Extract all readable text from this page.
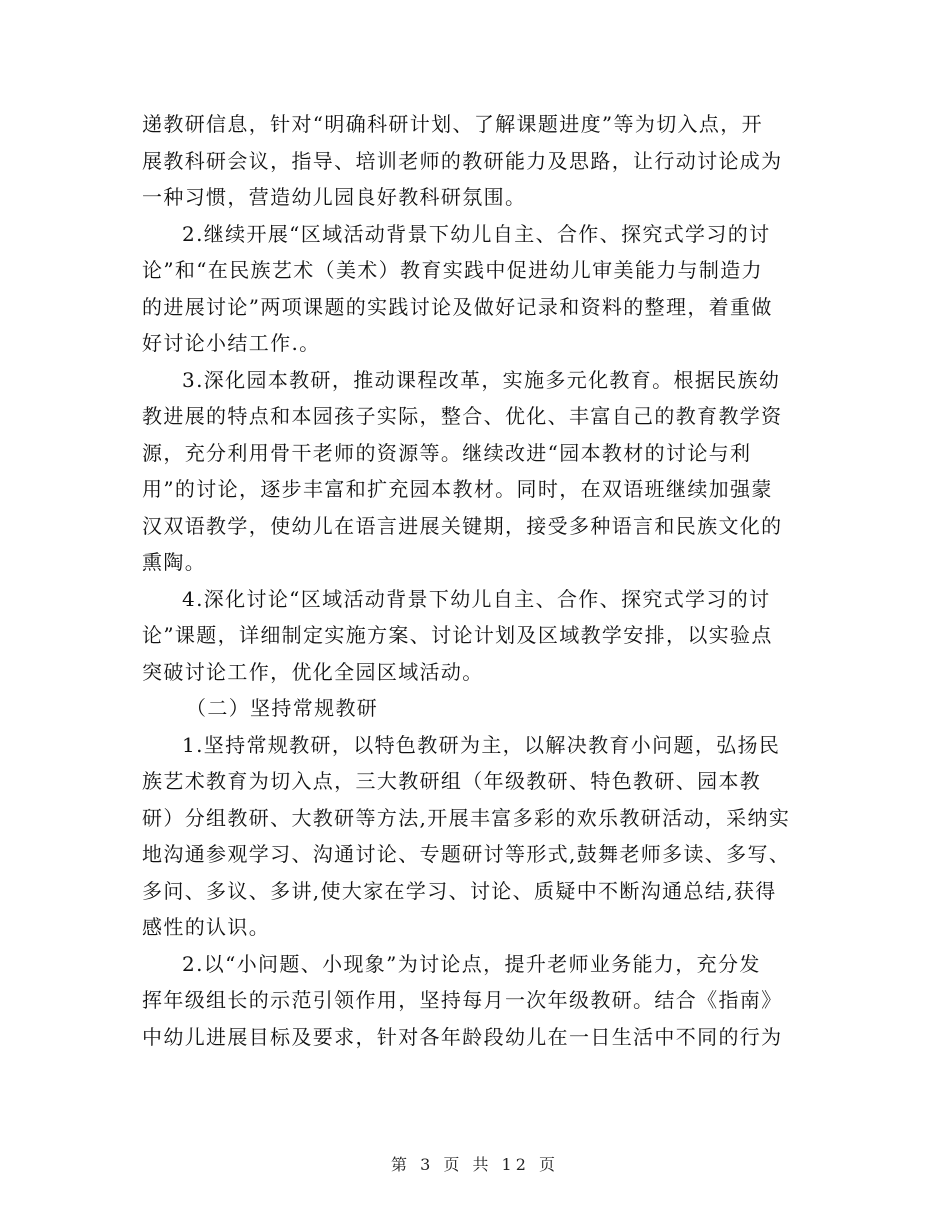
递教研信息，针对“明确科研计划、了解课题进度”等为切入点，开
展教科研会议，指导、培训老师的教研能力及思路，让行动讨论成为
一种习惯，营造幼儿园良好教科研氛围。
2.继续开展“区域活动背景下幼儿自主、合作、探究式学习的讨
论”和“在民族艺术（美术）教育实践中促进幼儿审美能力与制造力
的进展讨论”两项课题的实践讨论及做好记录和资料的整理，着重做
好讨论小结工作.。
3.深化园本教研，推动课程改革，实施多元化教育。根据民族幼
教进展的特点和本园孩子实际，整合、优化、丰富自己的教育教学资
源，充分利用骨干老师的资源等。继续改进“园本教材的讨论与利
用”的讨论，逐步丰富和扩充园本教材。同时，在双语班继续加强蒙
汉双语教学，使幼儿在语言进展关键期，接受多种语言和民族文化的
熏陶。
4.深化讨论“区域活动背景下幼儿自主、合作、探究式学习的讨
论”课题，详细制定实施方案、讨论计划及区域教学安排，以实验点
突破讨论工作，优化全园区域活动。
（二）坚持常规教研
1.坚持常规教研，以特色教研为主，以解决教育小问题，弘扬民
族艺术教育为切入点，三大教研组（年级教研、特色教研、园本教
研）分组教研、大教研等方法,开展丰富多彩的欢乐教研活动，采纳实
地沟通参观学习、沟通讨论、专题研讨等形式,鼓舞老师多读、多写、
多问、多议、多讲,使大家在学习、讨论、质疑中不断沟通总结,获得
感性的认识。
2.以“小问题、小现象”为讨论点，提升老师业务能力，充分发
挥年级组长的示范引领作用，坚持每月一次年级教研。结合《指南》
中幼儿进展目标及要求，针对各年龄段幼儿在一日生活中不同的行为
第 3 页 共 12 页
